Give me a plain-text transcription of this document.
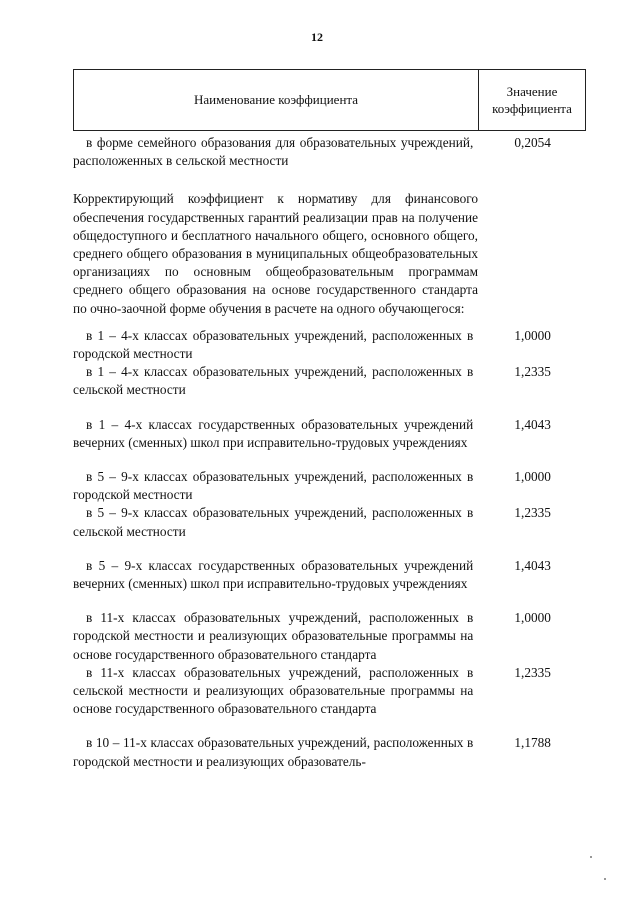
12
Наименование коэффициента
Значение
коэффициента
в форме семейного образования для образовательных учреждений, расположенных в сельской местности
0,2054
Корректирующий коэффициент к нормативу для финансового обеспечения государственных гарантий реализации прав на получение общедоступного и бесплатного начального общего, основного общего, среднего общего образования в муниципальных общеобразовательных организациях по основным общеобразовательным программам среднего общего образования на основе государственного стандарта по очно-заочной форме обучения в расчете на одного обучающегося:
в 1 – 4-х классах образовательных учреждений, расположенных в городской местности
1,0000
в 1 – 4-х классах образовательных учреждений, расположенных в сельской местности
1,2335
в 1 – 4-х классах государственных образовательных учреждений вечерних (сменных) школ при исправительно-трудовых учреждениях
1,4043
в 5 – 9-х классах образовательных учреждений, расположенных в городской местности
1,0000
в 5 – 9-х классах образовательных учреждений, расположенных в сельской местности
1,2335
в 5 – 9-х классах государственных образовательных учреждений вечерних (сменных) школ при исправительно-трудовых учреждениях
1,4043
в 11-х классах образовательных учреждений, расположенных в городской местности и реализующих образовательные программы на основе государственного образовательного стандарта
1,0000
в 11-х классах образовательных учреждений, расположенных в сельской местности и реализующих образовательные программы на основе государственного образовательного стандарта
1,2335
в 10 – 11-х классах образовательных учреждений, расположенных в городской местности и реализующих образователь-
1,1788
